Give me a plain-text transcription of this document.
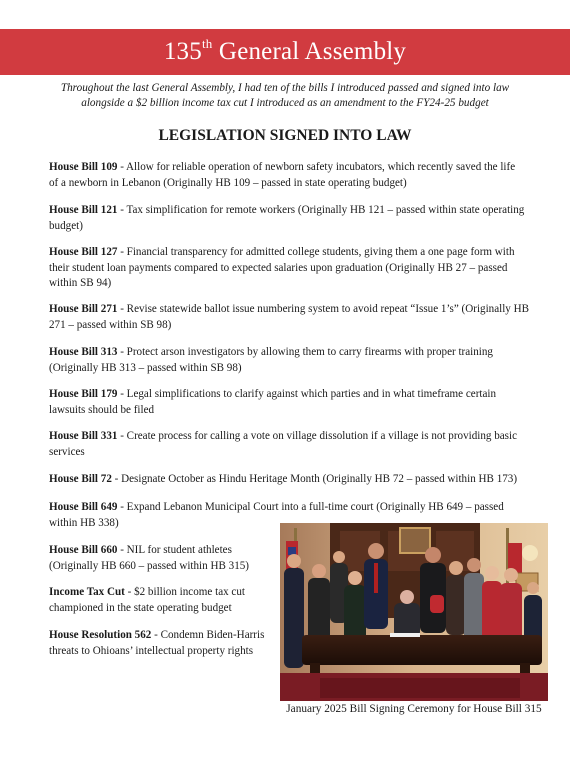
135th General Assembly
Throughout the last General Assembly, I had ten of the bills I introduced passed and signed into law
alongside a $2 billion income tax cut I introduced as an amendment to the FY24-25 budget
LEGISLATION SIGNED INTO LAW
House Bill 109 - Allow for reliable operation of newborn safety incubators, which recently saved the life
of a newborn in Lebanon (Originally HB 109 – passed in state operating budget)
House Bill 121 - Tax simplification for remote workers (Originally HB 121 – passed within state operating
budget)
House Bill 127 - Financial transparency for admitted college students, giving them a one page form with
their student loan payments compared to expected salaries upon graduation (Originally HB 27 – passed
within SB 94)
House Bill 271 - Revise statewide ballot issue numbering system to avoid repeat “Issue 1’s” (Originally HB
271 – passed within SB 98)
House Bill 313 - Protect arson investigators by allowing them to carry firearms with proper training
(Originally HB 313 – passed within SB 98)
House Bill 179 - Legal simplifications to clarify against which parties and in what timeframe certain
lawsuits should be filed
House Bill 331 - Create process for calling a vote on village dissolution if a village is not providing basic
services
House Bill 72 - Designate October as Hindu Heritage Month (Originally HB 72 – passed within HB 173)
House Bill 649 - Expand Lebanon Municipal Court into a full-time court (Originally HB 649 – passed
within HB 338)
House Bill 660 - NIL for student athletes
(Originally HB 660 – passed within HB 315)
Income Tax Cut - $2 billion income tax cut
championed in the state operating budget
House Resolution 562 - Condemn Biden-Harris
threats to Ohioans’ intellectual property rights
January 2025 Bill Signing Ceremony for House Bill 315
